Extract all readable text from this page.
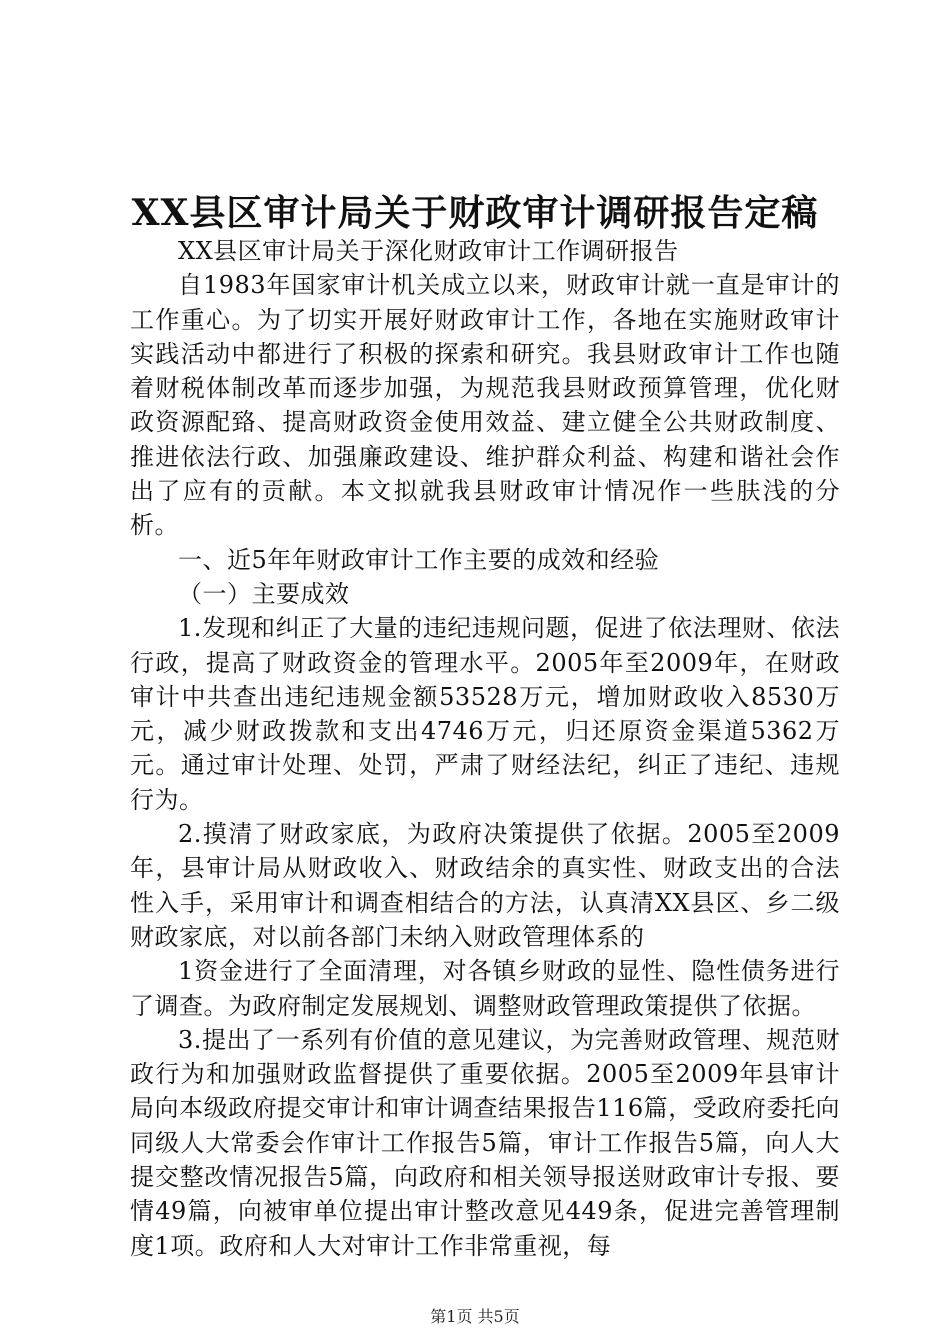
XX县区审计局关于财政审计调研报告定稿

XX县区审计局关于深化财政审计工作调研报告

自1983年国家审计机关成立以来，财政审计就一直是审计的工作重心。为了切实开展好财政审计工作，各地在实施财政审计实践活动中都进行了积极的探索和研究。我县财政审计工作也随着财税体制改革而逐步加强，为规范我县财政预算管理，优化财政资源配臵、提高财政资金使用效益、建立健全公共财政制度、推进依法行政、加强廉政建设、维护群众利益、构建和谐社会作出了应有的贡献。本文拟就我县财政审计情况作一些肤浅的分析。

一、近5年年财政审计工作主要的成效和经验

（一）主要成效

1.发现和纠正了大量的违纪违规问题，促进了依法理财、依法行政，提高了财政资金的管理水平。2005年至2009年，在财政审计中共查出违纪违规金额53528万元，增加财政收入8530万元，减少财政拨款和支出4746万元，归还原资金渠道5362万元。通过审计处理、处罚，严肃了财经法纪，纠正了违纪、违规行为。

2.摸清了财政家底，为政府决策提供了依据。2005至2009年，县审计局从财政收入、财政结余的真实性、财政支出的合法性入手，采用审计和调查相结合的方法，认真清XX县区、乡二级财政家底，对以前各部门未纳入财政管理体系的

1资金进行了全面清理，对各镇乡财政的显性、隐性债务进行了调查。为政府制定发展规划、调整财政管理政策提供了依据。

3.提出了一系列有价值的意见建议，为完善财政管理、规范财政行为和加强财政监督提供了重要依据。2005至2009年县审计局向本级政府提交审计和审计调查结果报告116篇，受政府委托向同级人大常委会作审计工作报告5篇，审计工作报告5篇，向人大提交整改情况报告5篇，向政府和相关领导报送财政审计专报、要情49篇，向被审单位提出审计整改意见449条，促进完善管理制度1项。政府和人大对审计工作非常重视，每

第1页 共5页
